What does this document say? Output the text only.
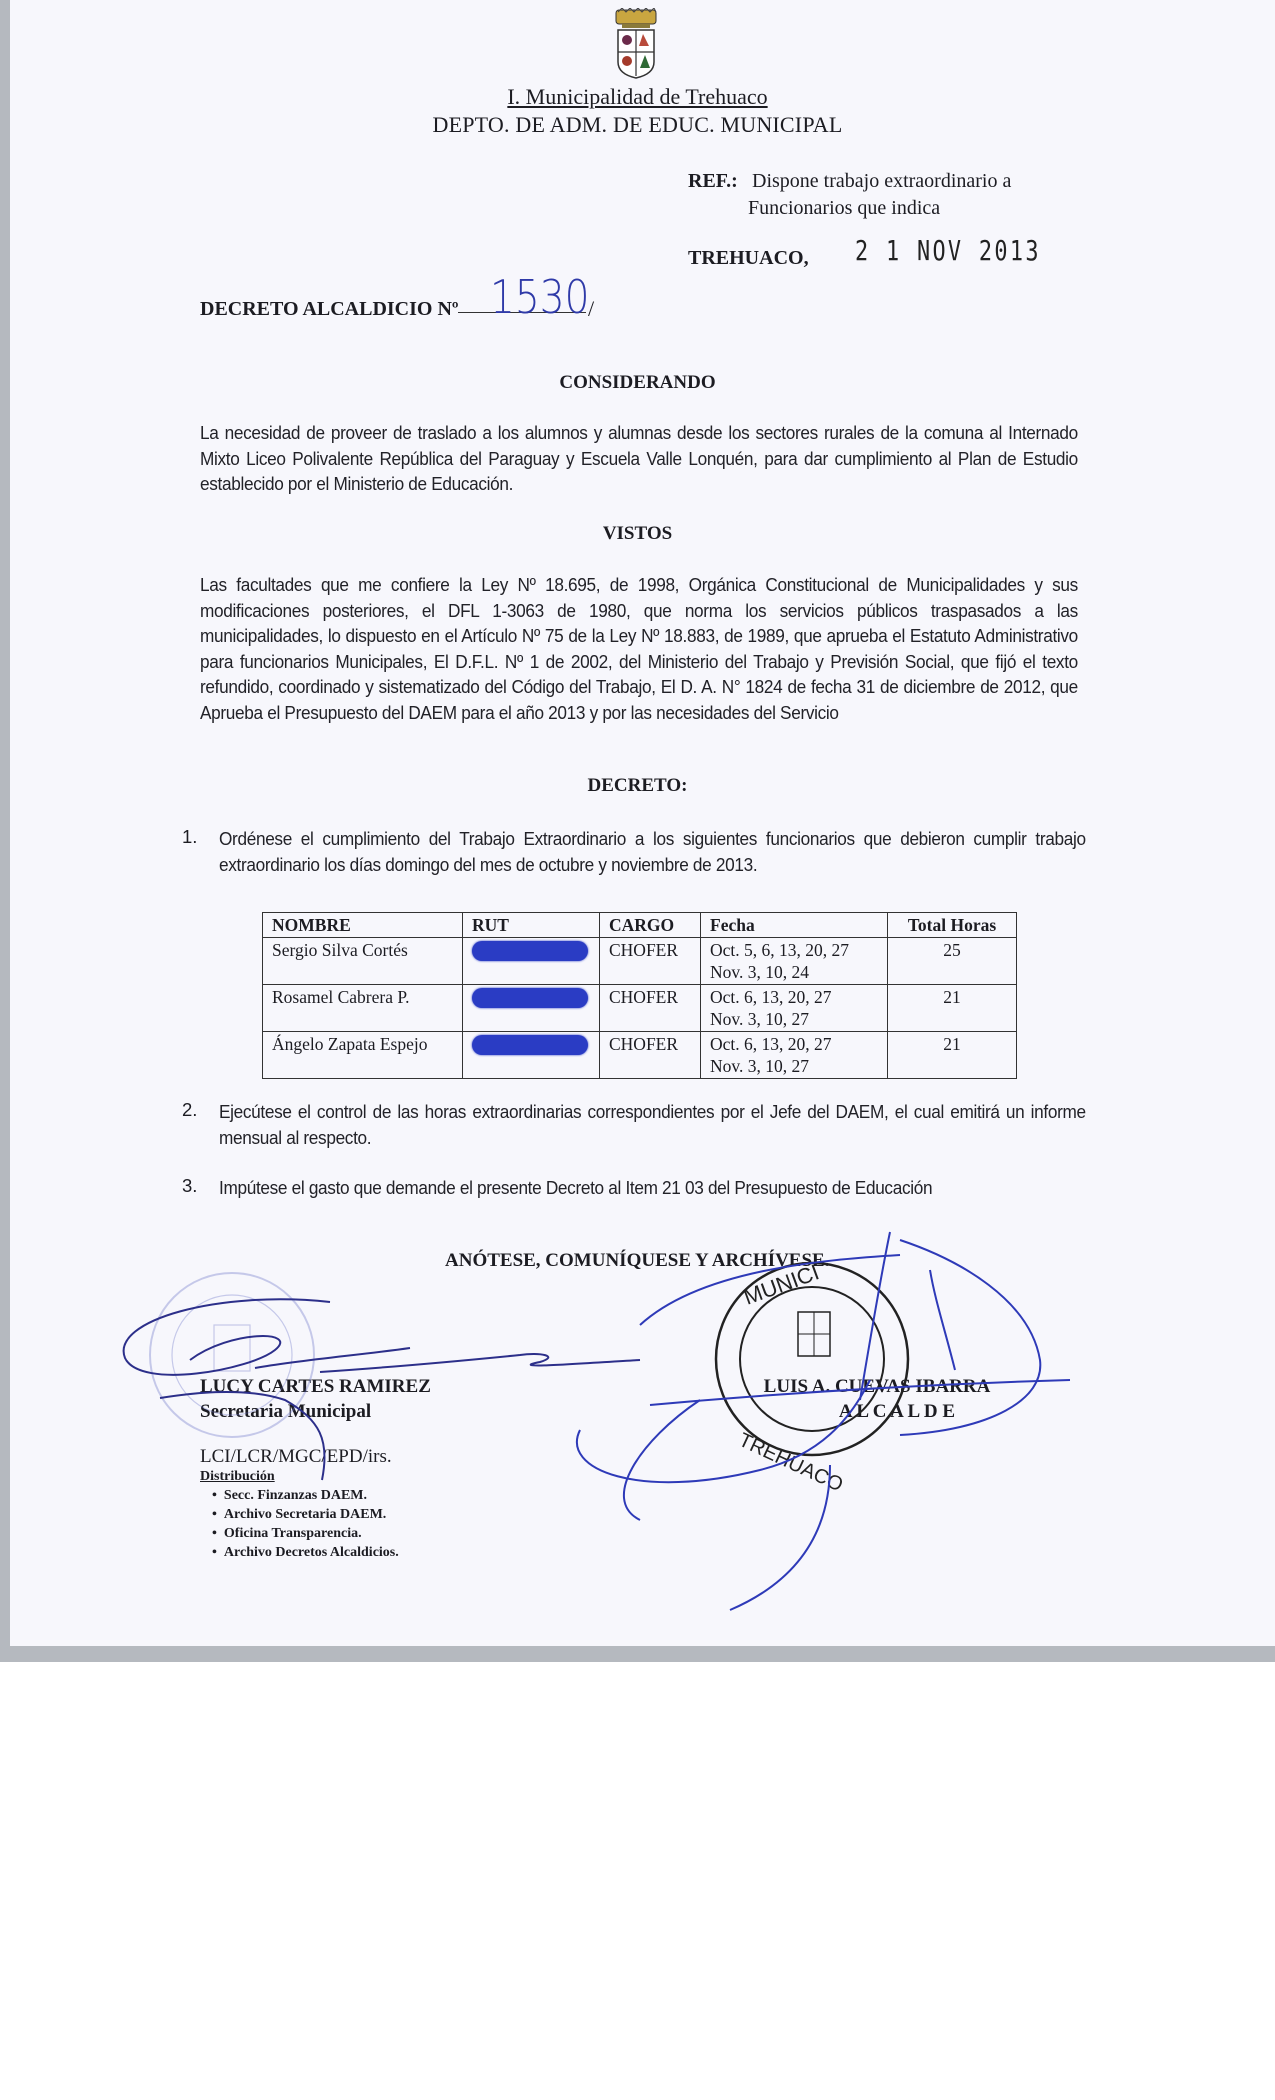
I. Municipalidad de Trehuaco
DEPTO. DE ADM. DE EDUC. MUNICIPAL
REF.: Dispone trabajo extraordinario a
Funcionarios que indica
TREHUACO, 2 1 NOV 2013
DECRETO ALCALDICIO Nº 1530
/
CONSIDERANDO
La necesidad de proveer de traslado a los alumnos y alumnas desde los sectores rurales de la comuna al Internado Mixto Liceo Polivalente República del Paraguay y Escuela Valle Lonquén, para dar cumplimiento al Plan de Estudio establecido por el Ministerio de Educación.
VISTOS
Las facultades que me confiere la Ley Nº 18.695, de 1998, Orgánica Constitucional de Municipalidades y sus modificaciones posteriores, el DFL 1-3063 de 1980, que norma los servicios públicos traspasados a las municipalidades, lo dispuesto en el Artículo Nº 75 de la Ley Nº 18.883, de 1989, que aprueba el Estatuto Administrativo para funcionarios Municipales, El D.F.L. Nº 1 de 2002, del Ministerio del Trabajo y Previsión Social, que fijó el texto refundido, coordinado y sistematizado del Código del Trabajo, El D. A. N° 1824 de fecha 31 de diciembre de 2012, que Aprueba el Presupuesto del DAEM para el año 2013 y por las necesidades del Servicio
DECRETO:
1. Ordénese el cumplimiento del Trabajo Extraordinario a los siguientes funcionarios que debieron cumplir trabajo extraordinario los días domingo del mes de octubre y noviembre de 2013.
NOMBRE	RUT	CARGO	Fecha	Total Horas
Sergio Silva Cortés		CHOFER	Oct. 5, 6, 13, 20, 27
Nov. 3, 10, 24	25
Rosamel Cabrera P.		CHOFER	Oct. 6, 13, 20, 27
Nov. 3, 10, 27	21
Ángelo Zapata Espejo		CHOFER	Oct. 6, 13, 20, 27
Nov. 3, 10, 27	21
2. Ejecútese el control de las horas extraordinarias correspondientes por el Jefe del DAEM, el cual emitirá un informe mensual al respecto.
3. Impútese el gasto que demande el presente Decreto al Item 21 03 del Presupuesto de Educación
ANÓTESE, COMUNÍQUESE Y ARCHÍVESE.
LUCY CARTES RAMIREZ
Secretaria Municipal
LUIS A. CUEVAS IBARRA
A L C A L D E
LCI/LCR/MGC/EPD/irs.
Distribución
• Secc. Finzanzas DAEM.
• Archivo Secretaria DAEM.
• Oficina Transparencia.
• Archivo Decretos Alcaldicios.
MUNICI
TREHUACO
